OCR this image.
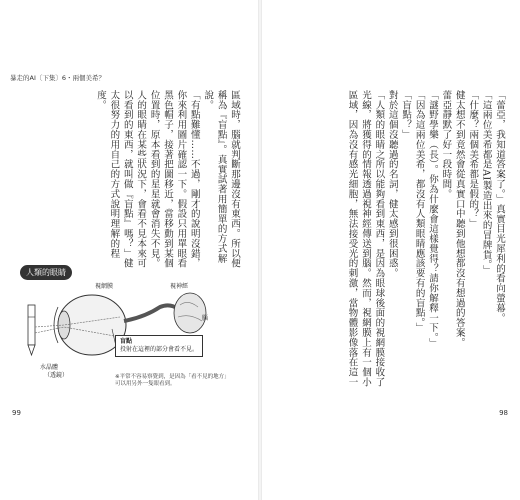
「蕾亞，我知道答案了。」真實目光犀利的看向螢幕。

「這兩位美希都是AI製造出來的冒牌貨。」

「什麼？兩個美希都是假的？」

健太想不到竟然會從真實口中聽到他想都沒有想過的答案。

蕾亞靜默了好一段時間。

「謎野學樂（長）。你為什麼會這樣覺得？請你解釋一下。」

「因為這兩位美希，都沒有人類眼睛應該要有的盲點。」

「盲點？」

對於這個沒聽過的名詞，健太感到很困惑。

「人類的眼睛之所以能夠看到東西，是因為眼球後面的視網膜接收了光線，將獲得的情報透過視神經傳送到腦。然而，視網膜上有一個小區域，因為沒有感光細胞，無法接受光的刺激，當物體影像落在這一

98
暴走的AI〔下集〕6・兩個美希？

區域時，腦就判斷那邊沒有東西。所以便稱為『盲點』。真實試著用簡單的方式解說。

「有點難懂……不過，剛才的說明沒錯，你來利用圖片確認一下。假設只用單眼看黑色帽子，接著把圖移近，當移動到某個位置時，原本看到的星星就會消失不見。人的眼睛在某些狀況下，會看不見本來可以看到的東西，就叫做『盲點』嗎？」健太很努力的用自己的方式說明理解的程度。

人類的眼睛
視網膜	視神經
腦
水晶體
（透鏡）
盲點
投射在這裡的部分會看不見。
※平常不容易察覺到，是因為「看不見的地方」可以用另外一隻眼看到。
99
